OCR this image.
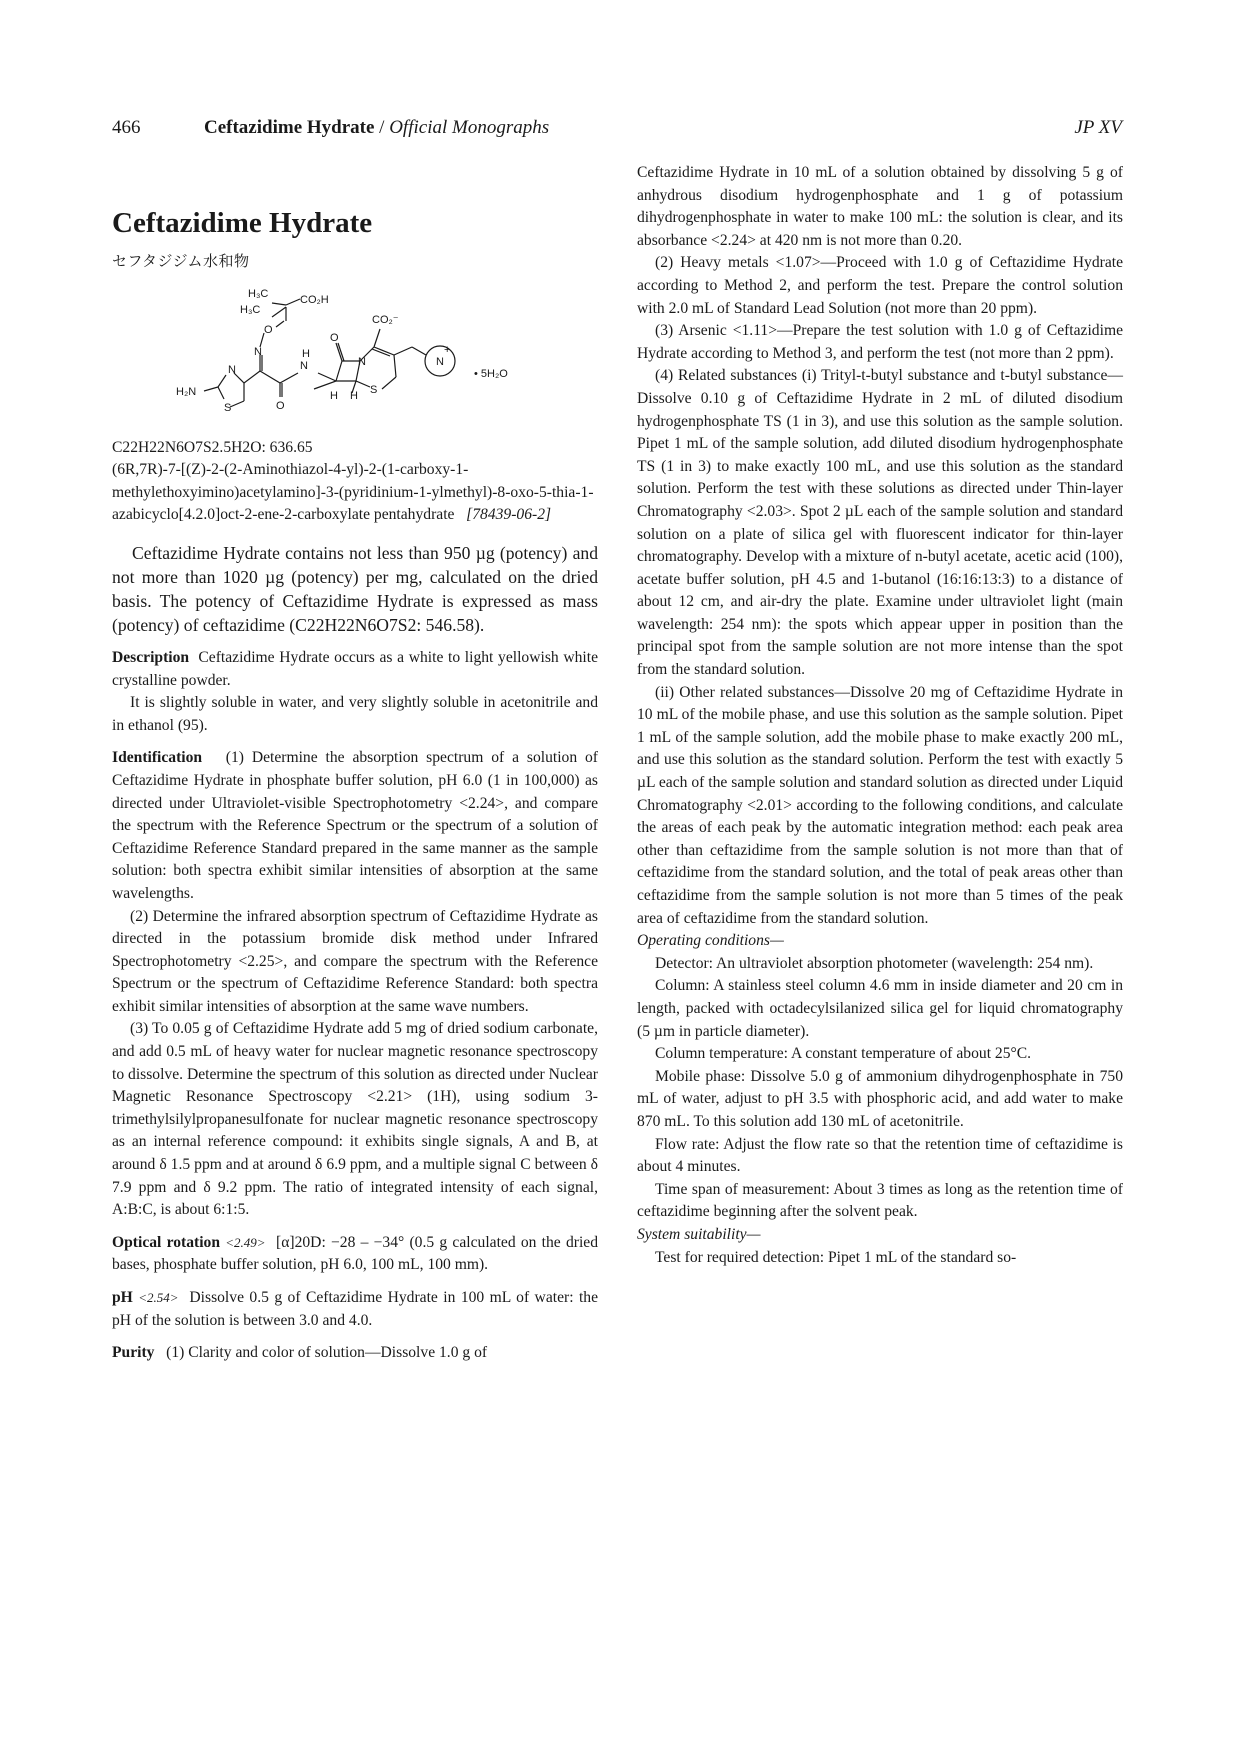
466	Ceftazidime Hydrate / Official Monographs	JP XV

Ceftazidime Hydrate

セフタジジム水和物

H₃C	CO₂H
H₃C
O
N
CO₂⁻
N
H
O
N
S
N
+
H H
N
H₂N
S	O
• 5H₂O

C22H22N6O7S2.5H2O: 636.65

(6R,7R)-7-[(Z)-2-(2-Aminothiazol-4-yl)-2-(1-carboxy-1-methylethoxyimino)acetylamino]-3-(pyridinium-1-ylmethyl)-8-oxo-5-thia-1-azabicyclo[4.2.0]oct-2-ene-2-carboxylate pentahydrate [78439-06-2]

Ceftazidime Hydrate contains not less than 950 µg (potency) and not more than 1020 µg (potency) per mg, calculated on the dried basis. The potency of Ceftazidime Hydrate is expressed as mass (potency) of ceftazidime (C22H22N6O7S2: 546.58).

Description Ceftazidime Hydrate occurs as a white to light yellowish white crystalline powder.

It is slightly soluble in water, and very slightly soluble in acetonitrile and in ethanol (95).

Identification (1) Determine the absorption spectrum of a solution of Ceftazidime Hydrate in phosphate buffer solution, pH 6.0 (1 in 100,000) as directed under Ultraviolet-visible Spectrophotometry <2.24>, and compare the spectrum with the Reference Spectrum or the spectrum of a solution of Ceftazidime Reference Standard prepared in the same manner as the sample solution: both spectra exhibit similar intensities of absorption at the same wavelengths.

(2) Determine the infrared absorption spectrum of Ceftazidime Hydrate as directed in the potassium bromide disk method under Infrared Spectrophotometry <2.25>, and compare the spectrum with the Reference Spectrum or the spectrum of Ceftazidime Reference Standard: both spectra exhibit similar intensities of absorption at the same wave numbers.

(3) To 0.05 g of Ceftazidime Hydrate add 5 mg of dried sodium carbonate, and add 0.5 mL of heavy water for nuclear magnetic resonance spectroscopy to dissolve. Determine the spectrum of this solution as directed under Nuclear Magnetic Resonance Spectroscopy <2.21> (1H), using sodium 3-trimethylsilylpropanesulfonate for nuclear magnetic resonance spectroscopy as an internal reference compound: it exhibits single signals, A and B, at around δ 1.5 ppm and at around δ 6.9 ppm, and a multiple signal C between δ 7.9 ppm and δ 9.2 ppm. The ratio of integrated intensity of each signal, A:B:C, is about 6:1:5.

Optical rotation <2.49> [α]20D: −28 – −34° (0.5 g calculated on the dried bases, phosphate buffer solution, pH 6.0, 100 mL, 100 mm).

pH <2.54> Dissolve 0.5 g of Ceftazidime Hydrate in 100 mL of water: the pH of the solution is between 3.0 and 4.0.

Purity (1) Clarity and color of solution—Dissolve 1.0 g of

Ceftazidime Hydrate in 10 mL of a solution obtained by dissolving 5 g of anhydrous disodium hydrogenphosphate and 1 g of potassium dihydrogenphosphate in water to make 100 mL: the solution is clear, and its absorbance <2.24> at 420 nm is not more than 0.20.

(2) Heavy metals <1.07>—Proceed with 1.0 g of Ceftazidime Hydrate according to Method 2, and perform the test. Prepare the control solution with 2.0 mL of Standard Lead Solution (not more than 20 ppm).

(3) Arsenic <1.11>—Prepare the test solution with 1.0 g of Ceftazidime Hydrate according to Method 3, and perform the test (not more than 2 ppm).

(4) Related substances (i) Trityl-t-butyl substance and t-butyl substance—Dissolve 0.10 g of Ceftazidime Hydrate in 2 mL of diluted disodium hydrogenphosphate TS (1 in 3), and use this solution as the sample solution. Pipet 1 mL of the sample solution, add diluted disodium hydrogenphosphate TS (1 in 3) to make exactly 100 mL, and use this solution as the standard solution. Perform the test with these solutions as directed under Thin-layer Chromatography <2.03>. Spot 2 µL each of the sample solution and standard solution on a plate of silica gel with fluorescent indicator for thin-layer chromatography. Develop with a mixture of n-butyl acetate, acetic acid (100), acetate buffer solution, pH 4.5 and 1-butanol (16:16:13:3) to a distance of about 12 cm, and air-dry the plate. Examine under ultraviolet light (main wavelength: 254 nm): the spots which appear upper in position than the principal spot from the sample solution are not more intense than the spot from the standard solution.

(ii) Other related substances—Dissolve 20 mg of Ceftazidime Hydrate in 10 mL of the mobile phase, and use this solution as the sample solution. Pipet 1 mL of the sample solution, add the mobile phase to make exactly 200 mL, and use this solution as the standard solution. Perform the test with exactly 5 µL each of the sample solution and standard solution as directed under Liquid Chromatography <2.01> according to the following conditions, and calculate the areas of each peak by the automatic integration method: each peak area other than ceftazidime from the sample solution is not more than that of ceftazidime from the standard solution, and the total of peak areas other than ceftazidime from the sample solution is not more than 5 times of the peak area of ceftazidime from the standard solution.

Operating conditions—

Detector: An ultraviolet absorption photometer (wavelength: 254 nm).

Column: A stainless steel column 4.6 mm in inside diameter and 20 cm in length, packed with octadecylsilanized silica gel for liquid chromatography (5 µm in particle diameter).

Column temperature: A constant temperature of about 25°C.

Mobile phase: Dissolve 5.0 g of ammonium dihydrogenphosphate in 750 mL of water, adjust to pH 3.5 with phosphoric acid, and add water to make 870 mL. To this solution add 130 mL of acetonitrile.

Flow rate: Adjust the flow rate so that the retention time of ceftazidime is about 4 minutes.

Time span of measurement: About 3 times as long as the retention time of ceftazidime beginning after the solvent peak.

System suitability—

Test for required detection: Pipet 1 mL of the standard so-
